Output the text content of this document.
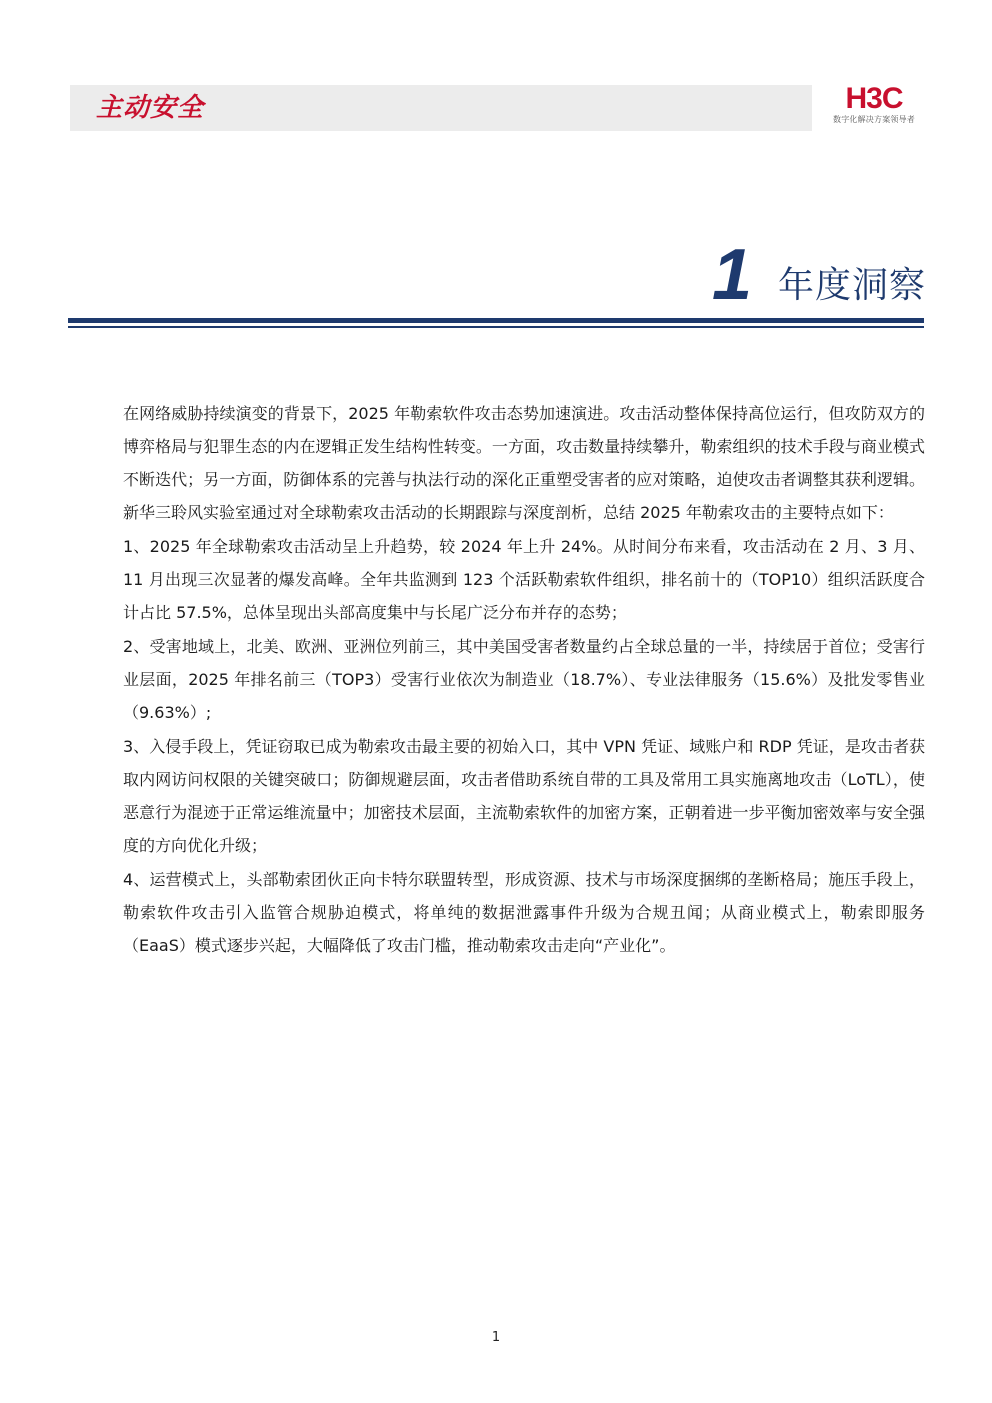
主动安全	H3C
数字化解决方案领导者
1 年度洞察

在网络威胁持续演变的背景下，2025 年勒索软件攻击态势加速演进。攻击活动整体保持高位运行，但攻防双方的博弈格局与犯罪生态的内在逻辑正发生结构性转变。一方面，攻击数量持续攀升，勒索组织的技术手段与商业模式不断迭代；另一方面，防御体系的完善与执法行动的深化正重塑受害者的应对策略，迫使攻击者调整其获利逻辑。新华三聆风实验室通过对全球勒索攻击活动的长期跟踪与深度剖析，总结 2025 年勒索攻击的主要特点如下：

1、2025 年全球勒索攻击活动呈上升趋势，较 2024 年上升 24%。从时间分布来看，攻击活动在 2 月、3 月、11 月出现三次显著的爆发高峰。全年共监测到 123 个活跃勒索软件组织，排名前十的（TOP10）组织活跃度合计占比 57.5%，总体呈现出头部高度集中与长尾广泛分布并存的态势；

2、受害地域上，北美、欧洲、亚洲位列前三，其中美国受害者数量约占全球总量的一半，持续居于首位；受害行业层面，2025 年排名前三（TOP3）受害行业依次为制造业（18.7%）、专业法律服务（15.6%）及批发零售业（9.63%）;

3、入侵手段上，凭证窃取已成为勒索攻击最主要的初始入口，其中 VPN 凭证、域账户和 RDP 凭证，是攻击者获取内网访问权限的关键突破口；防御规避层面，攻击者借助系统自带的工具及常用工具实施离地攻击（LoTL），使恶意行为混迹于正常运维流量中；加密技术层面，主流勒索软件的加密方案，正朝着进一步平衡加密效率与安全强度的方向优化升级；

4、运营模式上，头部勒索团伙正向卡特尔联盟转型，形成资源、技术与市场深度捆绑的垄断格局；施压手段上，勒索软件攻击引入监管合规胁迫模式，将单纯的数据泄露事件升级为合规丑闻；从商业模式上，勒索即服务（EaaS）模式逐步兴起，大幅降低了攻击门槛，推动勒索攻击走向“产业化”。

1
